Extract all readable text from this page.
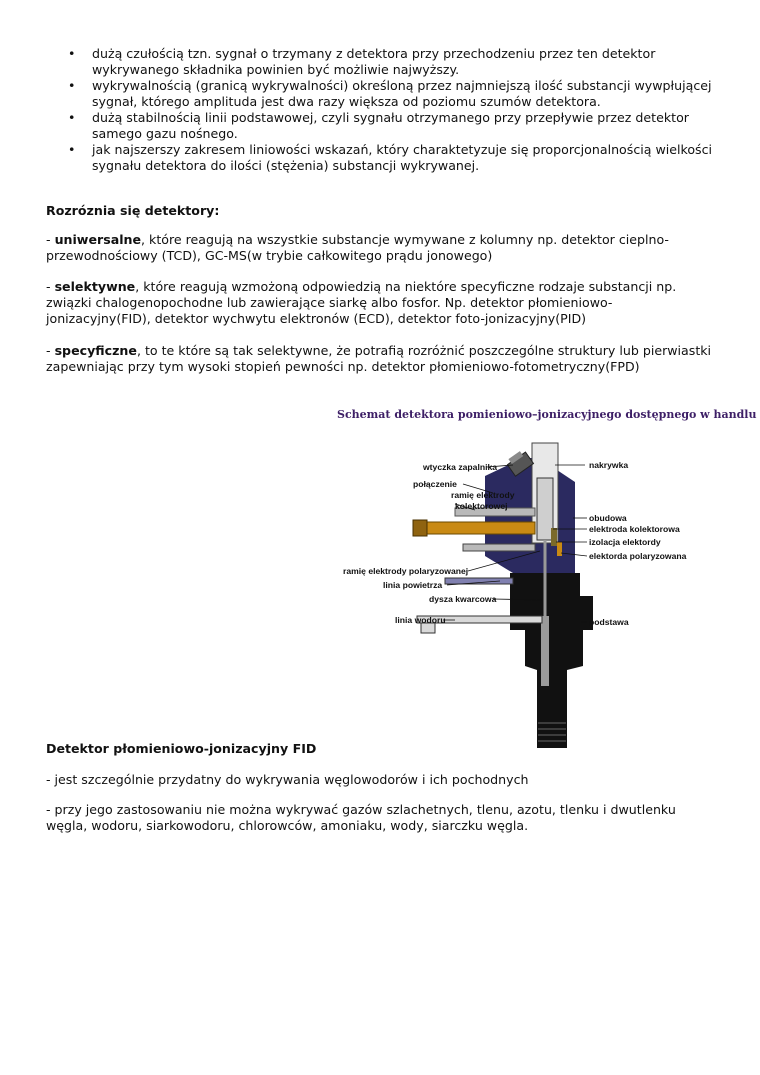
• dużą czułością tzn. sygnał o trzymany z detektora przy przechodzeniu przez ten detektor wykrywanego składnika powinien być możliwie najwyższy.
• wykrywalnością (granicą wykrywalności) określoną przez najmniejszą ilość substancji wywpłującej sygnał, którego amplituda jest dwa razy większa od poziomu szumów detektora.
• dużą stabilnością linii podstawowej, czyli sygnału otrzymanego przy przepływie przez detektor samego gazu nośnego.
• jak najszerszy zakresem liniowości wskazań, który charaktetyzuje się proporcjonalnością wielkości sygnału detektora do ilości (stężenia) substancji wykrywanej.

Rozróznia się detektory:

- uniwersalne, które reagują na wszystkie substancje wymywane z kolumny np. detektor cieplno-przewodnościowy (TCD), GC-MS(w trybie całkowitego prądu jonowego)

- selektywne, które reagują wzmożoną odpowiedzią na niektóre specyficzne rodzaje substancji np. związki chalogenopochodne lub zawierające siarkę albo fosfor. Np. detektor płomieniowo-jonizacyjny(FID), detektor wychwytu elektronów (ECD), detektor foto-jonizacyjny(PID)

- specyficzne, to te które są tak selektywne, że potrafią rozróżnić poszczególne struktury lub pierwiastki zapewniając przy tym wysoki stopień pewności np. detektor płomieniowo-fotometryczny(FPD)

Schemat detektora pomieniowo–jonizacyjnego dostępnego w handlu
wtyczka zapalnika
połączenie
ramię elektrody
kolektorowej
ramię elektrody polaryzowanej
linia powietrza
dysza kwarcowa
linia wodoru
nakrywka
obudowa
elektroda kolektorowa
izolacja elektordy
elektorda polaryzowana
podstawa

Detektor płomieniowo-jonizacyjny FID

- jest szczególnie przydatny do wykrywania węglowodorów i ich pochodnych

- przy jego zastosowaniu nie można wykrywać gazów szlachetnych, tlenu, azotu, tlenku i dwutlenku węgla, wodoru, siarkowodoru, chlorowców, amoniaku, wody, siarczku węgla.
